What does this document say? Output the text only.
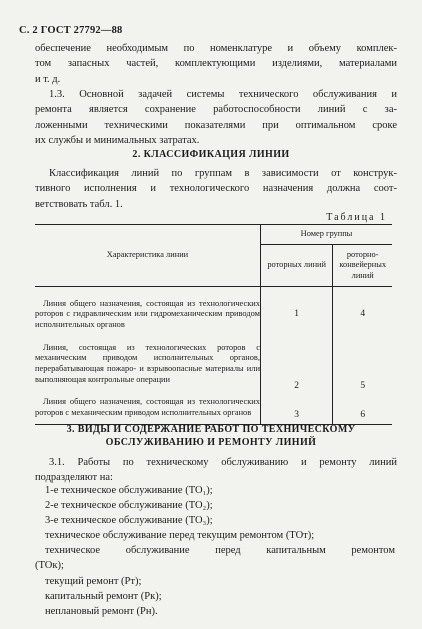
С. 2 ГОСТ 27792—88

обеспечение необходимым по номенклатуре и объему комплек-

том запасных частей, комплектующими изделиями, материалами

и т. д.

1.3. Основной задачей системы технического обслуживания и

ремонта является сохранение работоспособности линий с за-

ложенными техническими показателями при оптимальном сроке

их службы и минимальных затратах.

2. КЛАССИФИКАЦИЯ ЛИНИИ

Классификация линий по группам в зависимости от конструк-

тивного исполнения и технологического назначения должна соот-

ветствовать табл. 1.

Таблица 1
Характеристика линии	Номер группы	
	роторных линий	роторно-конвейерных линий

Линия общего назначения, состоящая из технологических роторов с гидравлическим или гидромеханическим приводом исполнительных органов	1	4
Линия, состоящая из технологических роторов с механическим приводом исполнительных органов, перерабатывающая пожаро- и взрывоопасные материалы или выполняющая контрольные операции	2	5
Линия общего назначения, состоящая из технологических роторов с механическим приводом исполнительных органов	3	6
3. ВИДЫ И СОДЕРЖАНИЕ РАБОТ ПО ТЕХНИЧЕСКОМУ
ОБСЛУЖИВАНИЮ И РЕМОНТУ ЛИНИЙ

3.1. Работы по техническому обслуживанию и ремонту линий

подразделяют на:

1-е техническое обслуживание (ТО₁);

2-е техническое обслуживание (ТО₂);

3-е техническое обслуживание (ТО₃);

техническое обслуживание перед текущим ремонтом (ТОт);

техническое обслуживание перед капитальным ремонтом

(ТОк);

текущий ремонт (Рт);

капитальный ремонт (Рк);

неплановый ремонт (Рн).
